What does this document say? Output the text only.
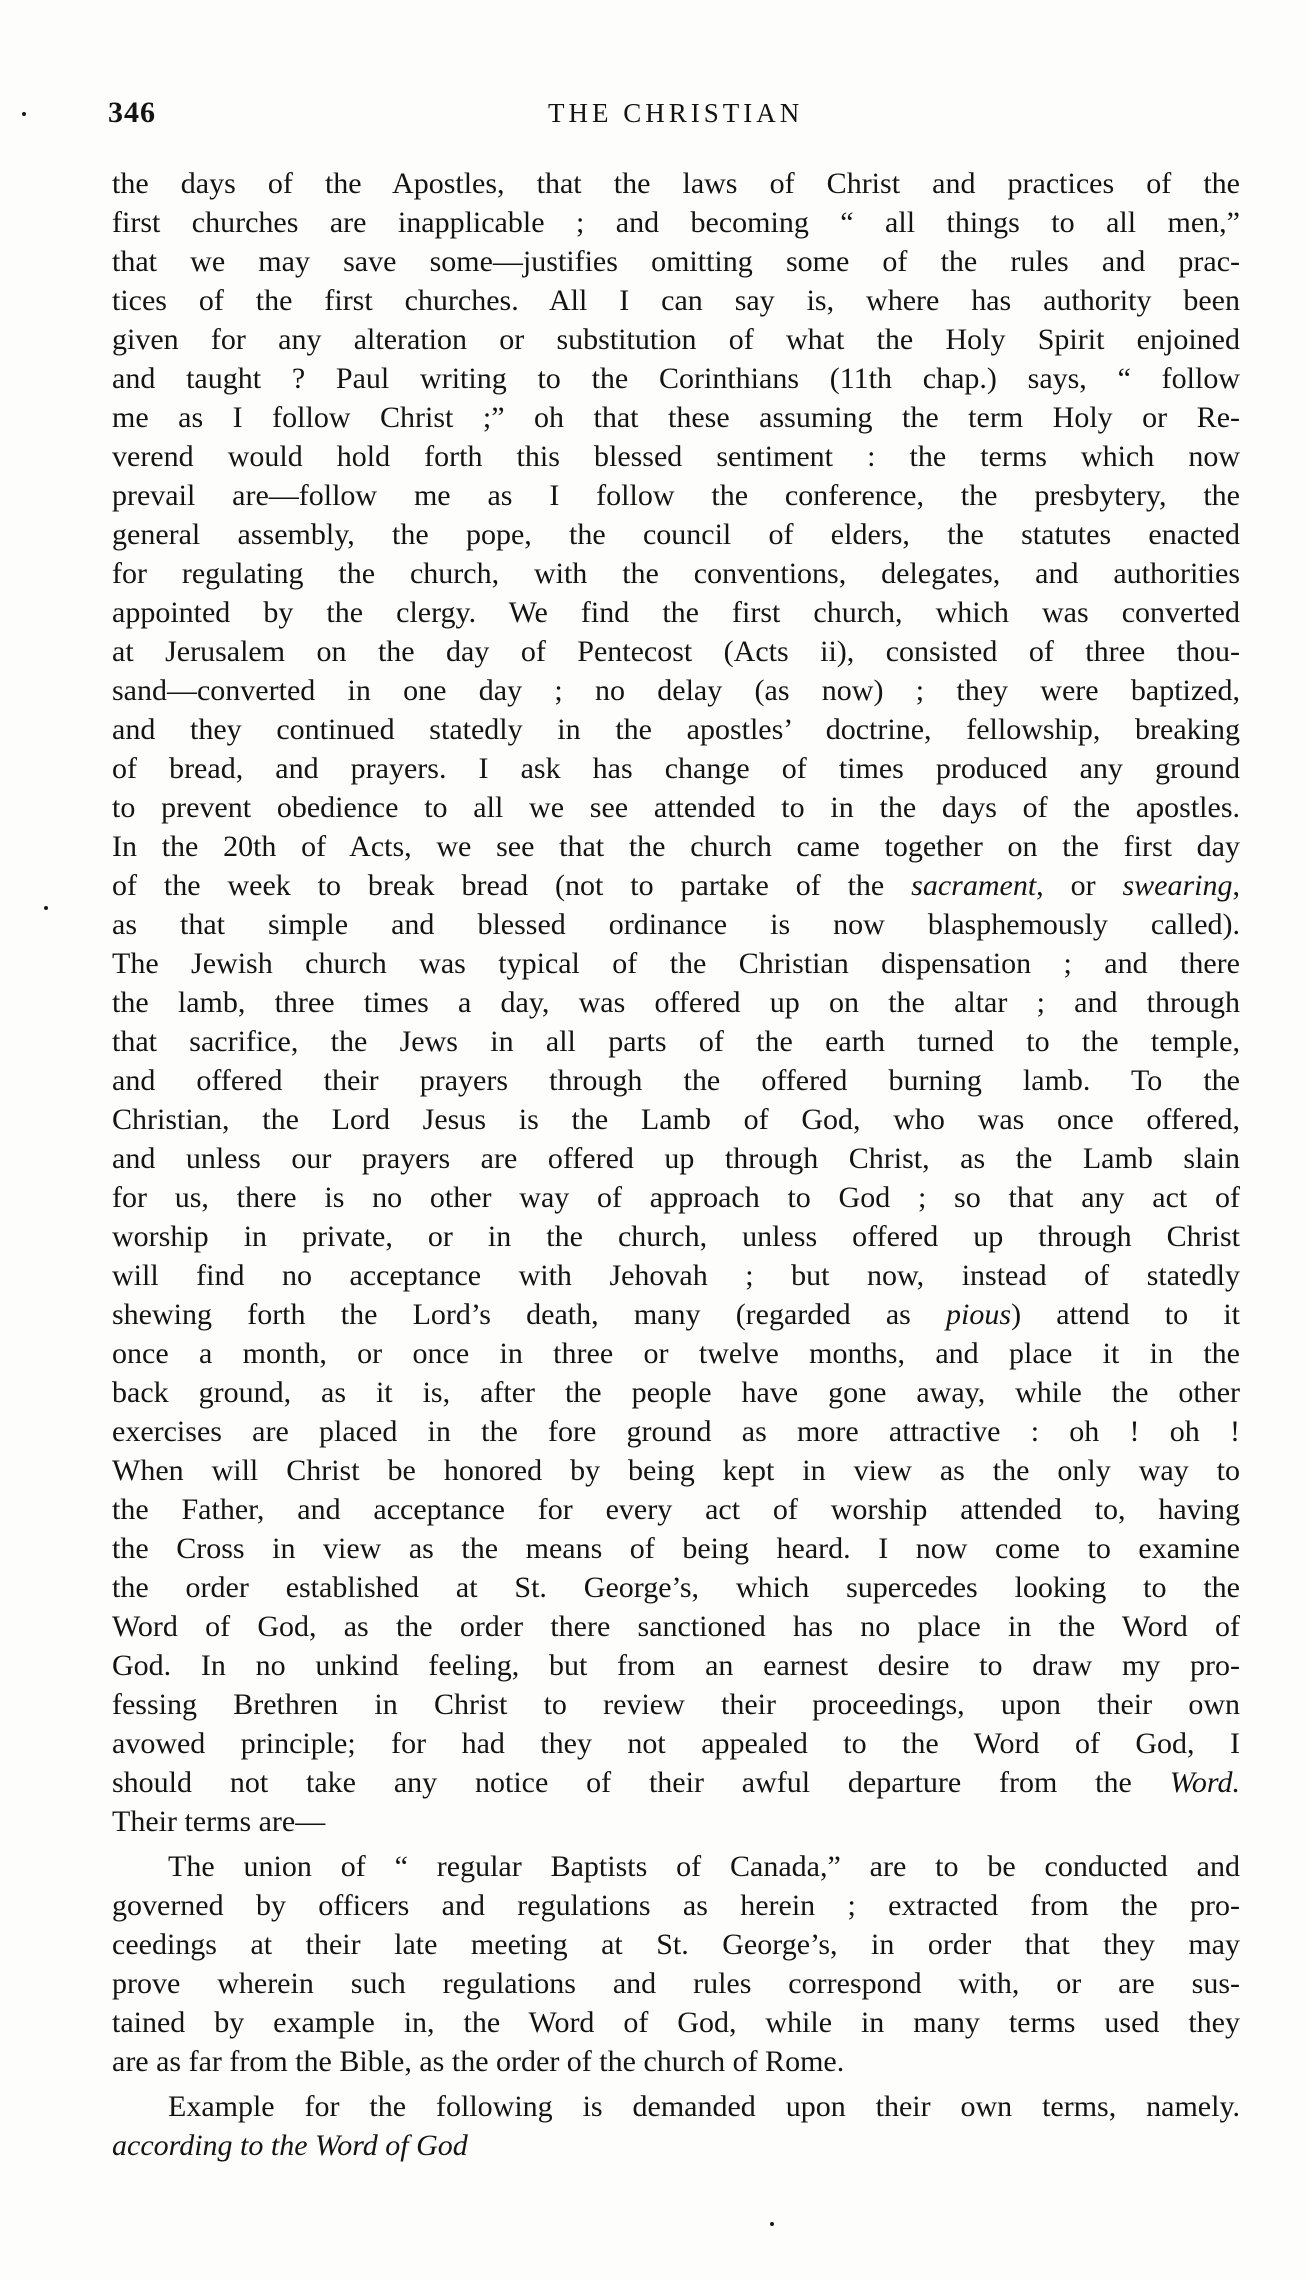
346	THE CHRISTIAN
the days of the Apostles, that the laws of Christ and practices of the
first churches are inapplicable ; and becoming “ all things to all men,”
that we may save some—justifies omitting some of the rules and prac-
tices of the first churches. All I can say is, where has authority been
given for any alteration or substitution of what the Holy Spirit enjoined
and taught ? Paul writing to the Corinthians (11th chap.) says, “ follow
me as I follow Christ ;” oh that these assuming the term Holy or Re-
verend would hold forth this blessed sentiment : the terms which now
prevail are—follow me as I follow the conference, the presbytery, the
general assembly, the pope, the council of elders, the statutes enacted
for regulating the church, with the conventions, delegates, and authorities
appointed by the clergy. We find the first church, which was converted
at Jerusalem on the day of Pentecost (Acts ii), consisted of three thou-
sand—converted in one day ; no delay (as now) ; they were baptized,
and they continued statedly in the apostles’ doctrine, fellowship, breaking
of bread, and prayers. I ask has change of times produced any ground
to prevent obedience to all we see attended to in the days of the apostles.
In the 20th of Acts, we see that the church came together on the first day
of the week to break bread (not to partake of the sacrament, or swearing,
as that simple and blessed ordinance is now blasphemously called).
The Jewish church was typical of the Christian dispensation ; and there
the lamb, three times a day, was offered up on the altar ; and through
that sacrifice, the Jews in all parts of the earth turned to the temple,
and offered their prayers through the offered burning lamb. To the
Christian, the Lord Jesus is the Lamb of God, who was once offered,
and unless our prayers are offered up through Christ, as the Lamb slain
for us, there is no other way of approach to God ; so that any act of
worship in private, or in the church, unless offered up through Christ
will find no acceptance with Jehovah ; but now, instead of statedly
shewing forth the Lord’s death, many (regarded as pious) attend to it
once a month, or once in three or twelve months, and place it in the
back ground, as it is, after the people have gone away, while the other
exercises are placed in the fore ground as more attractive : oh ! oh !
When will Christ be honored by being kept in view as the only way to
the Father, and acceptance for every act of worship attended to, having
the Cross in view as the means of being heard. I now come to examine
the order established at St. George’s, which supercedes looking to the
Word of God, as the order there sanctioned has no place in the Word of
God. In no unkind feeling, but from an earnest desire to draw my pro-
fessing Brethren in Christ to review their proceedings, upon their own
avowed principle; for had they not appealed to the Word of God, I
should not take any notice of their awful departure from the Word.
Their terms are—
The union of “ regular Baptists of Canada,” are to be conducted and
governed by officers and regulations as herein ; extracted from the pro-
ceedings at their late meeting at St. George’s, in order that they may
prove wherein such regulations and rules correspond with, or are sus-
tained by example in, the Word of God, while in many terms used they
are as far from the Bible, as the order of the church of Rome.
Example for the following is demanded upon their own terms, namely.
according to the Word of God
